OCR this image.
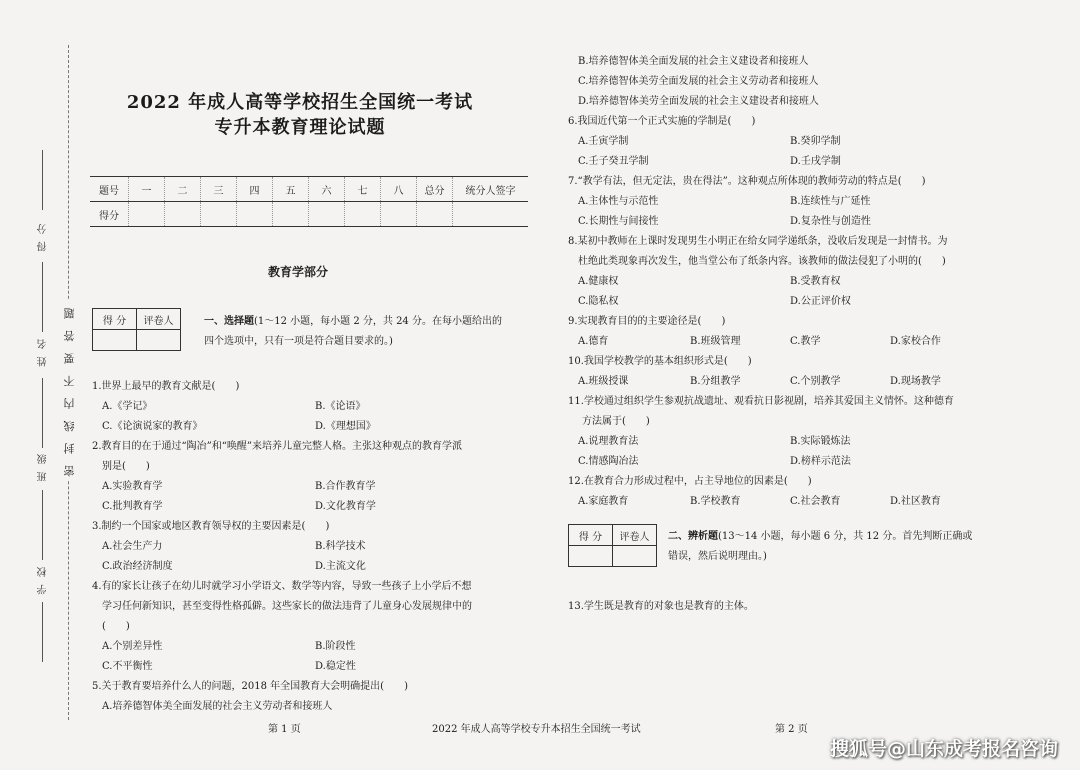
得 分
姓 名
班 级
学 校
密 封 线 内 不 要 答 题
2022 年成人高等学校招生全国统一考试
专升本教育理论试题
题号	一	二	三	四	五	六	七	八	总分	统分人签字
得分										
教育学部分
得 分	评卷人
		一、选择题(1～12 小题，每小题 2 分，共 24 分。在每小题给出的
四个选项中，只有一项是符合题目要求的。)
1.世界上最早的教育文献是(　　)
A.《学记》	B.《论语》
C.《论演说家的教育》	D.《理想国》
2.教育目的在于通过“陶冶”和“唤醒”来培养儿童完整人格。主张这种观点的教育学派
别是(　　)
A.实验教育学	B.合作教育学
C.批判教育学	D.文化教育学
3.制约一个国家或地区教育领导权的主要因素是(　　)
A.社会生产力	B.科学技术
C.政治经济制度	D.主流文化
4.有的家长让孩子在幼儿时就学习小学语文、数学等内容，导致一些孩子上小学后不想
学习任何新知识，甚至变得性格孤僻。这些家长的做法违背了儿童身心发展规律中的
(　　)
A.个别差异性	B.阶段性
C.不平衡性	D.稳定性
5.关于教育要培养什么人的问题，2018 年全国教育大会明确提出(　　)
A.培养德智体美全面发展的社会主义劳动者和接班人
B.培养德智体美全面发展的社会主义建设者和接班人
C.培养德智体美劳全面发展的社会主义劳动者和接班人
D.培养德智体美劳全面发展的社会主义建设者和接班人
6.我国近代第一个正式实施的学制是(　　)
A.壬寅学制	B.癸卯学制
C.壬子癸丑学制	D.壬戌学制
7.“教学有法，但无定法，贵在得法”。这种观点所体现的教师劳动的特点是(　　)
A.主体性与示范性	B.连续性与广延性
C.长期性与间接性	D.复杂性与创造性
8.某初中教师在上课时发现男生小明正在给女同学递纸条，没收后发现是一封情书。为
杜绝此类现象再次发生，他当堂公布了纸条内容。该教师的做法侵犯了小明的(　　)
A.健康权	B.受教育权
C.隐私权	D.公正评价权
9.实现教育目的的主要途径是(　　)
A.德育	B.班级管理	C.教学	D.家校合作
10.我国学校教学的基本组织形式是(　　)
A.班级授课	B.分组教学	C.个别教学	D.现场教学
11.学校通过组织学生参观抗战遗址、观看抗日影视剧，培养其爱国主义情怀。这种德育
方法属于(　　)
A.说理教育法	B.实际锻炼法
C.情感陶冶法	D.榜样示范法
12.在教育合力形成过程中，占主导地位的因素是(　　)
A.家庭教育	B.学校教育	C.社会教育	D.社区教育
得 分	评卷人
	二、辨析题(13～14 小题，每小题 6 分，共 12 分。首先判断正确或
错误，然后说明理由。)
13.学生既是教育的对象也是教育的主体。
第 1 页	2022 年成人高等学校专升本招生全国统一考试	第 2 页
搜狐号@山东成考报名咨询
